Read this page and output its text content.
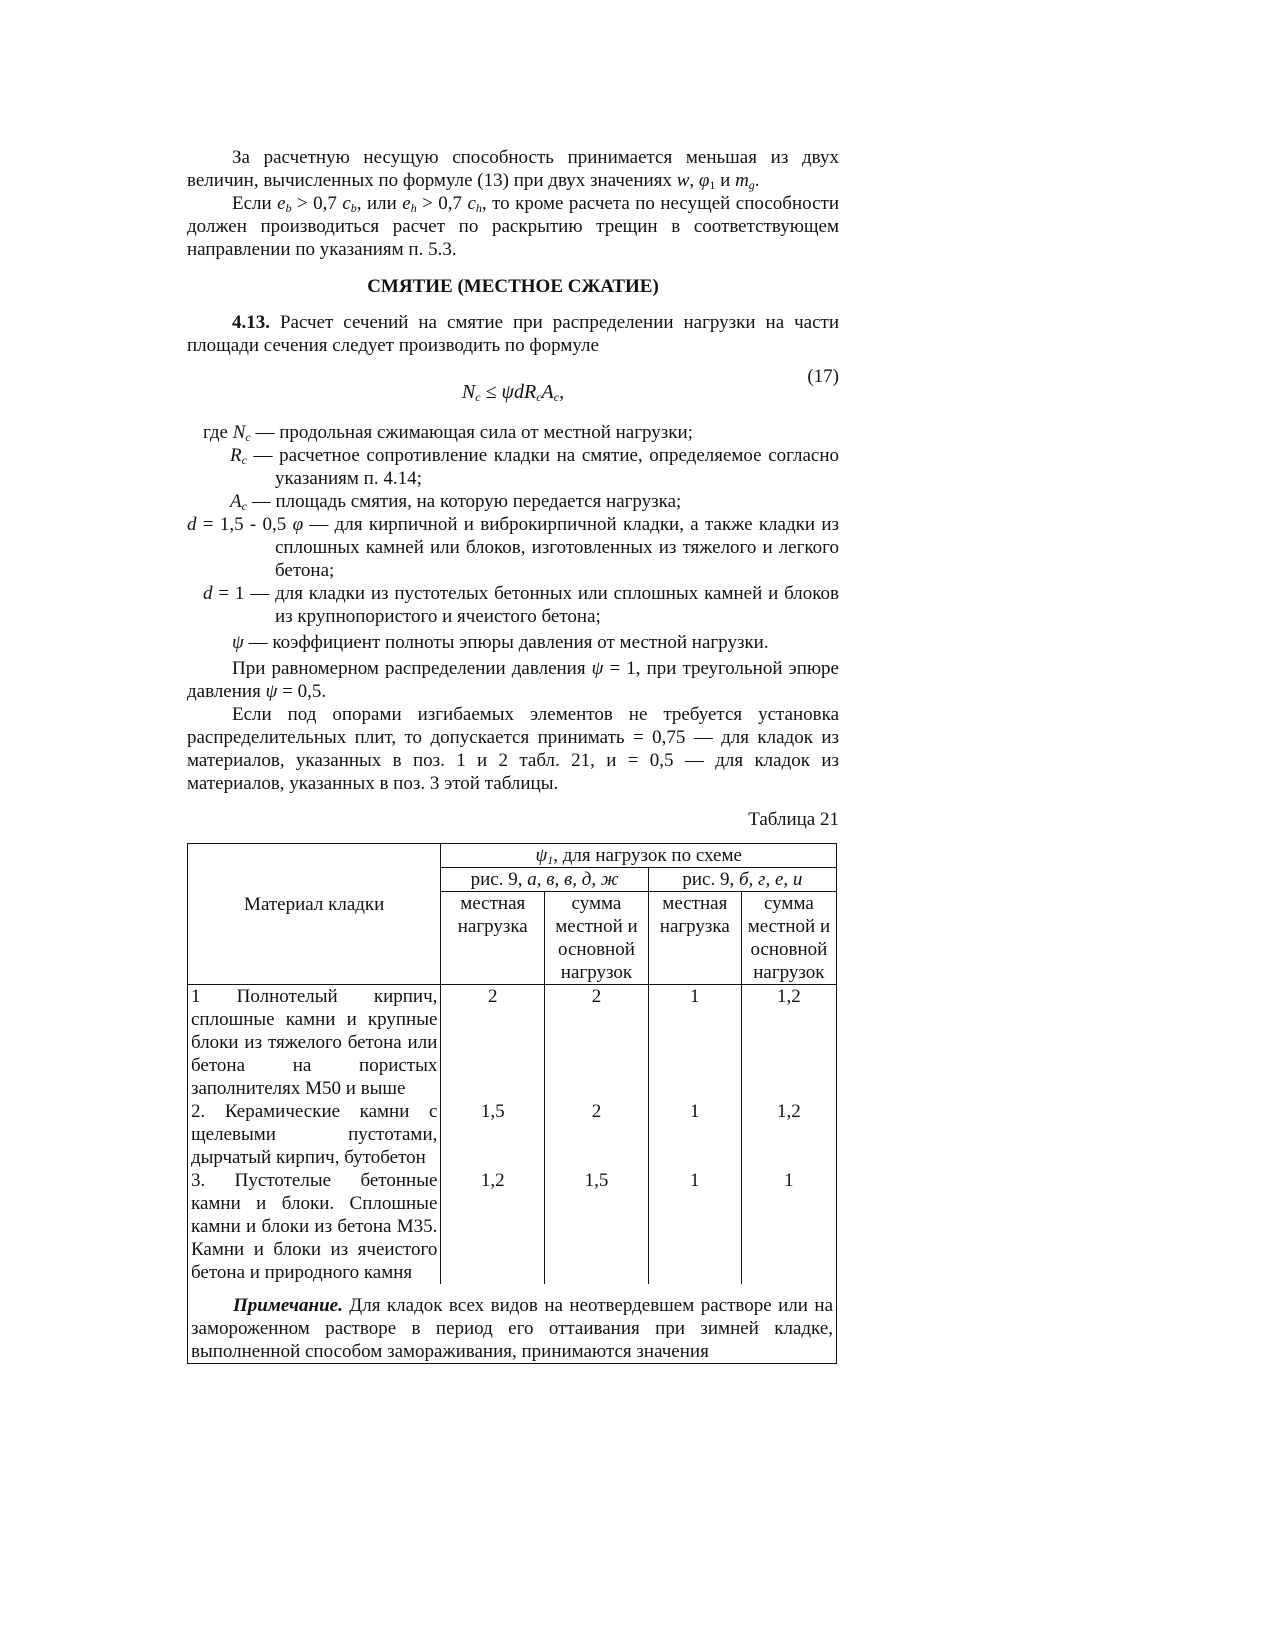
За расчетную несущую способность принимается меньшая из двух величин, вычисленных по формуле (13) при двух значениях w, $\varphi_1$ и $m_g$.

Если $e_b > 0,7$ $c_b$, или $e_h > 0,7$ $c_h$, то кроме расчета по несущей способности должен производиться расчет по раскрытию трещин в соответствующем направлении по указаниям п. 5.3.

СМЯТИЕ (МЕСТНОЕ СЖАТИЕ)

4.13. Расчет сечений на смятие при распределении нагрузки на части площади сечения следует производить по формуле

(17)
$N_c \le \psi dR_cA_c$,

где $N_c$ — продольная сжимающая сила от местной нагрузки;

$R_c$ — расчетное сопротивление кладки на смятие, определяемое согласно указаниям п. 4.14;

$A_c$ — площадь смятия, на которую передается нагрузка;

d = 1,5 - 0,5 φ — для кирпичной и виброкирпичной кладки, а также кладки из сплошных камней или блоков, изготовленных из тяжелого и легкого бетона;

d = 1 — для кладки из пустотелых бетонных или сплошных камней и блоков из крупнопористого и ячеистого бетона;

ψ — коэффициент полноты эпюры давления от местной нагрузки.

При равномерном распределении давления ψ = 1, при треугольной эпюре давления ψ = 0,5.

Если под опорами изгибаемых элементов не требуется установка распределительных плит, то допускается принимать = 0,75 — для кладок из материалов, указанных в поз. 1 и 2 табл. 21, и = 0,5 — для кладок из материалов, указанных в поз. 3 этой таблицы.

Таблица 21
Материал кладки	$\psi_1$, для нагрузок по схеме			
	рис. 9, а, в, в, д, ж		рис. 9, б, г, е, и	
	местная нагрузка	сумма местной и основной нагрузок	местная нагрузка	сумма местной и основной нагрузок
1 Полнотелый кирпич, сплошные камни и крупные блоки из тяжелого бетона или бетона на пористых заполнителях М50 и выше	2	2	1	1,2
2. Керамические камни с щелевыми пустотами, дырчатый кирпич, бутобетон	1,5	2	1	1,2
3. Пустотелые бетонные камни и блоки. Сплошные камни и блоки из бетона М35. Камни и блоки из ячеистого бетона и природного камня	1,2	1,5	1	1
Примечание. Для кладок всех видов на неотвердевшем растворе или на замороженном растворе в период его оттаивания при зимней кладке, выполненной способом замораживания, принимаются значения				
